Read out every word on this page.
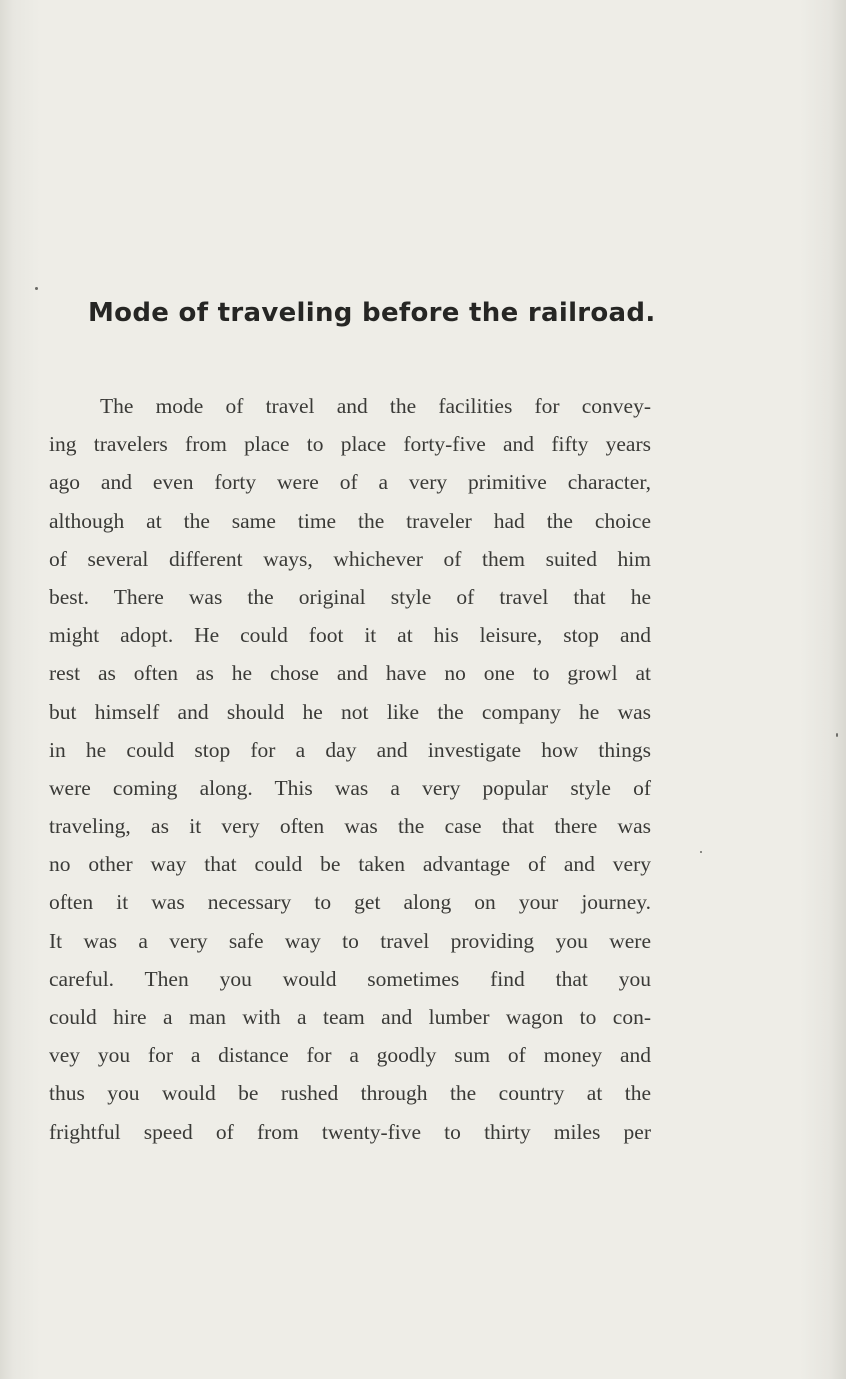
Mode of traveling before the railroad.
The mode of travel and the facilities for convey-
ing travelers from place to place forty-five and fifty years
ago and even forty were of a very primitive character,
although at the same time the traveler had the choice
of several different ways, whichever of them suited him
best. There was the original style of travel that he
might adopt. He could foot it at his leisure, stop and
rest as often as he chose and have no one to growl at
but himself and should he not like the company he was
in he could stop for a day and investigate how things
were coming along. This was a very popular style of
traveling, as it very often was the case that there was
no other way that could be taken advantage of and very
often it was necessary to get along on your journey.
It was a very safe way to travel providing you were
careful. Then you would sometimes find that you
could hire a man with a team and lumber wagon to con-
vey you for a distance for a goodly sum of money and
thus you would be rushed through the country at the
frightful speed of from twenty-five to thirty miles per
